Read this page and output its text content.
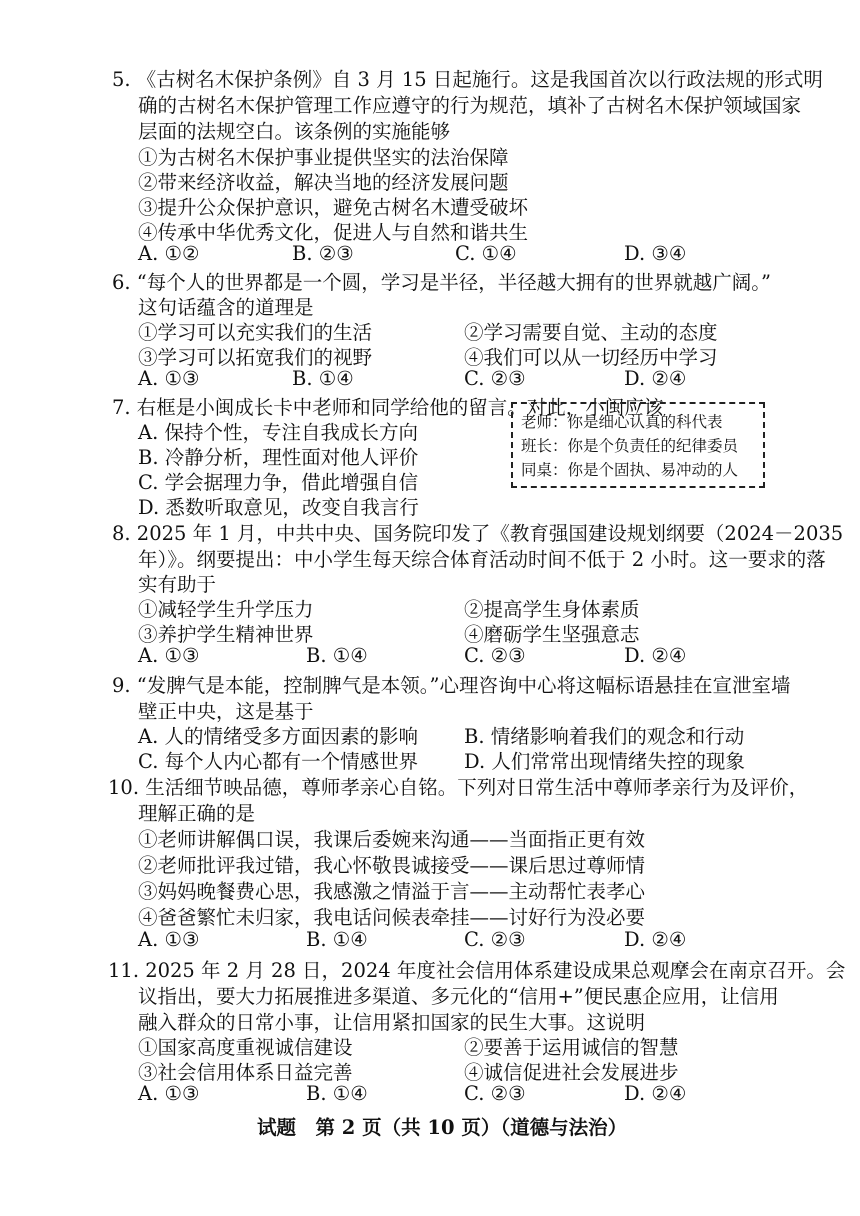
5. 《古树名木保护条例》自 3 月 15 日起施行。这是我国首次以行政法规的形式明
确的古树名木保护管理工作应遵守的行为规范，填补了古树名木保护领域国家
层面的法规空白。该条例的实施能够
①为古树名木保护事业提供坚实的法治保障
②带来经济收益，解决当地的经济发展问题
③提升公众保护意识，避免古树名木遭受破坏
④传承中华优秀文化，促进人与自然和谐共生
A. ①②	B. ②③	C. ①④	D. ③④
6. “每个人的世界都是一个圆，学习是半径，半径越大拥有的世界就越广阔。”
这句话蕴含的道理是
①学习可以充实我们的生活	②学习需要自觉、主动的态度
③学习可以拓宽我们的视野	④我们可以从一切经历中学习
A. ①③	B. ①④	C. ②③	D. ②④
7. 右框是小闽成长卡中老师和同学给他的留言。对此，小闽应该
A. 保持个性，专注自我成长方向
B. 冷静分析，理性面对他人评价
C. 学会据理力争，借此增强自信
D. 悉数听取意见，改变自我言行
老师：你是细心认真的科代表
班长：你是个负责任的纪律委员
同桌：你是个固执、易冲动的人
8. 2025 年 1 月，中共中央、国务院印发了《教育强国建设规划纲要（2024－2035
年）》。纲要提出：中小学生每天综合体育活动时间不低于 2 小时。这一要求的落
实有助于
①减轻学生升学压力	②提高学生身体素质
③养护学生精神世界	④磨砺学生坚强意志
A. ①③	B. ①④	C. ②③	D. ②④
9. “发脾气是本能，控制脾气是本领。”心理咨询中心将这幅标语悬挂在宣泄室墙
壁正中央，这是基于
A. 人的情绪受多方面因素的影响 B. 情绪影响着我们的观念和行动
C. 每个人内心都有一个情感世界 D. 人们常常出现情绪失控的现象
10. 生活细节映品德，尊师孝亲心自铭。下列对日常生活中尊师孝亲行为及评价，
理解正确的是
①老师讲解偶口误，我课后委婉来沟通——当面指正更有效
②老师批评我过错，我心怀敬畏诚接受——课后思过尊师情
③妈妈晚餐费心思，我感激之情溢于言——主动帮忙表孝心
④爸爸繁忙未归家，我电话问候表牵挂——讨好行为没必要
A. ①③	B. ①④	C. ②③	D. ②④
11. 2025 年 2 月 28 日，2024 年度社会信用体系建设成果总观摩会在南京召开。会
议指出，要大力拓展推进多渠道、多元化的“信用+”便民惠企应用，让信用
融入群众的日常小事，让信用紧扣国家的民生大事。这说明
①国家高度重视诚信建设	②要善于运用诚信的智慧
③社会信用体系日益完善	④诚信促进社会发展进步
A. ①③	B. ①④	C. ②③	D. ②④
试题　第 2 页（共 10 页）（道德与法治）
